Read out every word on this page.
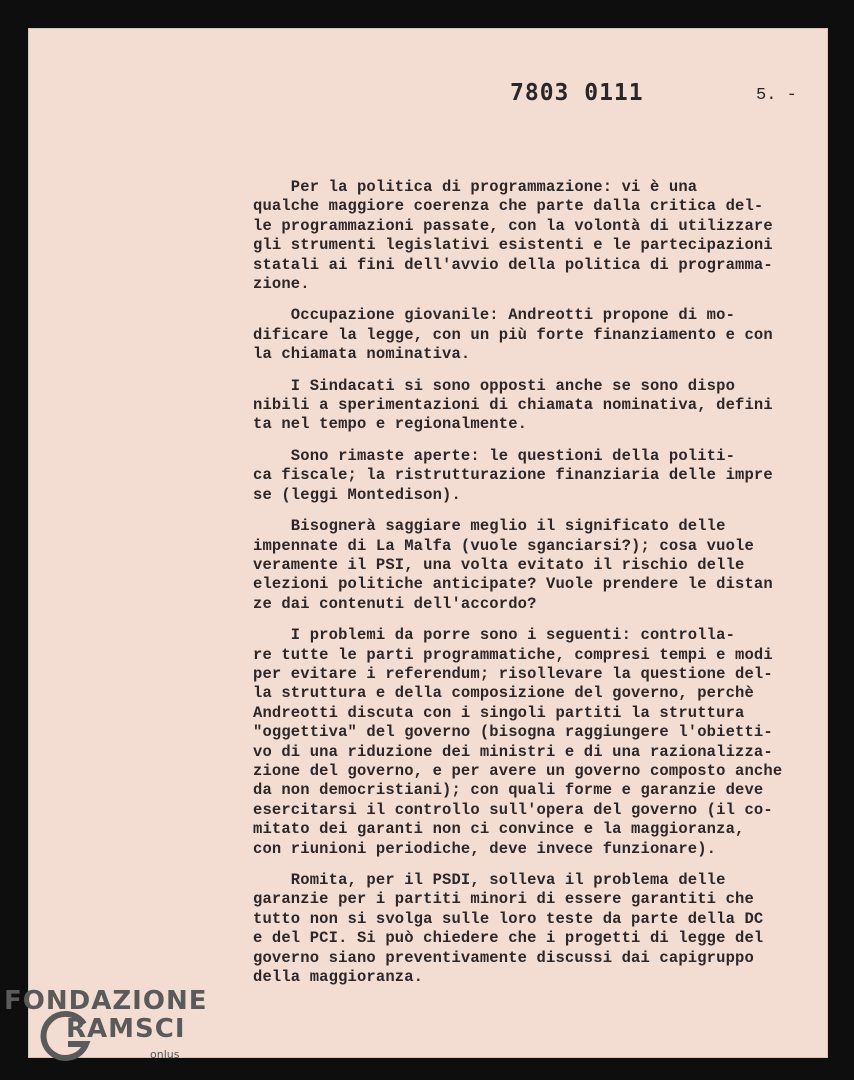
7803 0111	5. -
Per la politica di programmazione: vi è una
qualche maggiore coerenza che parte dalla critica del-
le programmazioni passate, con la volontà di utilizzare
gli strumenti legislativi esistenti e le partecipazioni
statali ai fini dell'avvio della politica di programma-
zione.
Occupazione giovanile: Andreotti propone di mo-
dificare la legge, con un più forte finanziamento e con
la chiamata nominativa.
I Sindacati si sono opposti anche se sono dispo
nibili a sperimentazioni di chiamata nominativa, defini
ta nel tempo e regionalmente.
Sono rimaste aperte: le questioni della politi-
ca fiscale; la ristrutturazione finanziaria delle impre
se (leggi Montedison).
Bisognerà saggiare meglio il significato delle
impennate di La Malfa (vuole sganciarsi?); cosa vuole
veramente il PSI, una volta evitato il rischio delle
elezioni politiche anticipate? Vuole prendere le distan
ze dai contenuti dell'accordo?
I problemi da porre sono i seguenti: controlla-
re tutte le parti programmatiche, compresi tempi e modi
per evitare i referendum; risollevare la questione del-
la struttura e della composizione del governo, perchè
Andreotti discuta con i singoli partiti la struttura
"oggettiva" del governo (bisogna raggiungere l'obietti-
vo di una riduzione dei ministri e di una razionalizza-
zione del governo, e per avere un governo composto anche
da non democristiani); con quali forme e garanzie deve
esercitarsi il controllo sull'opera del governo (il co-
mitato dei garanti non ci convince e la maggioranza,
con riunioni periodiche, deve invece funzionare).
Romita, per il PSDI, solleva il problema delle
garanzie per i partiti minori di essere garantiti che
tutto non si svolga sulle loro teste da parte della DC
e del PCI. Si può chiedere che i progetti di legge del
governo siano preventivamente discussi dai capigruppo
della maggioranza.
FONDAZIONE
RAMSCI
onlus
